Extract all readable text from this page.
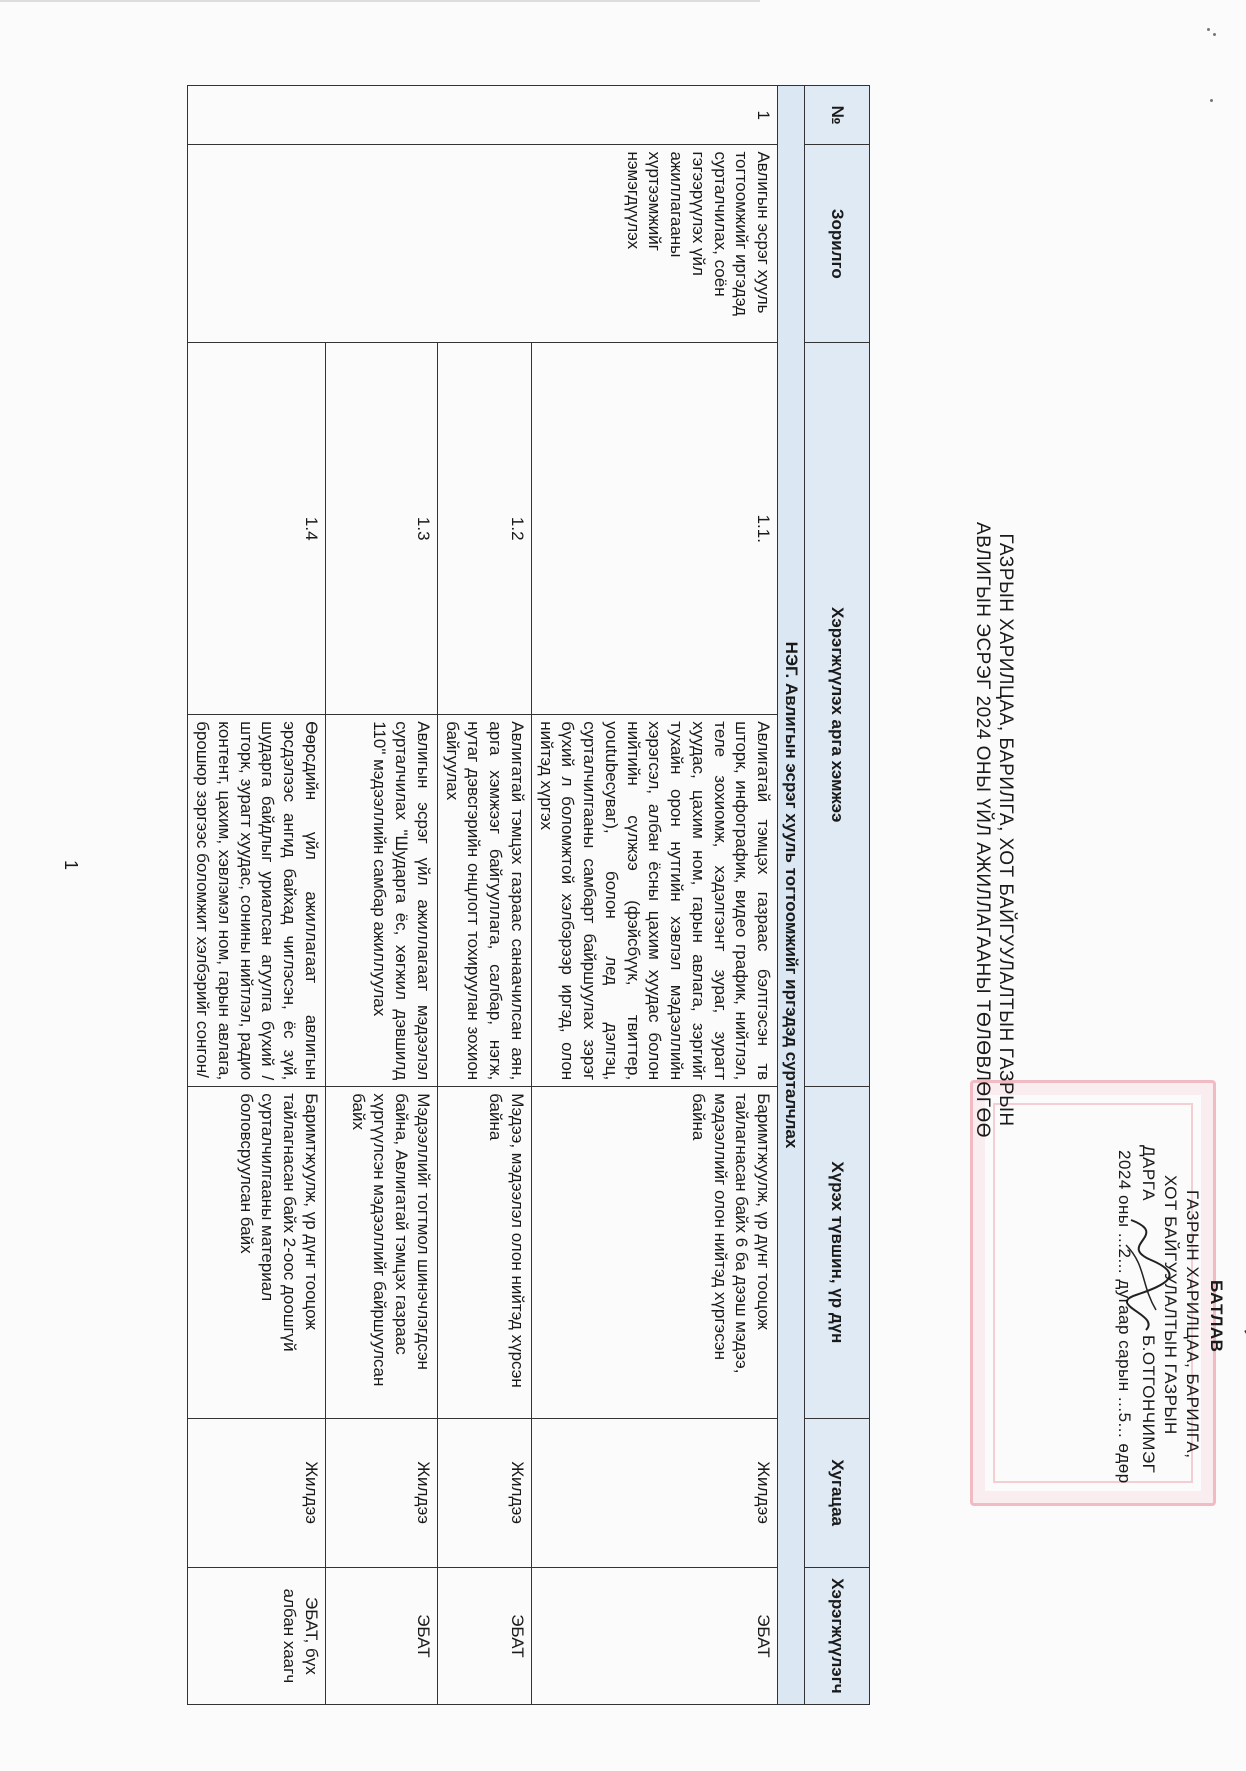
БАТЛАВ
ГАЗРЫН ХАРИЛЦАА, БАРИЛГА,
ХОТ БАЙГУУЛАЛТЫН ГАЗРЫН
ДАРГА
Б.ОТГОНЧИМЭГ
2024 оны ...2... дугаар сарын ...5... өдөр
ГАЗРЫН ХАРИЛЦАА, БАРИЛГА, ХОТ БАЙГУУЛАЛТЫН ГАЗРЫН
АВЛИГЫН ЭСРЭГ 2024 ОНЫ ҮЙЛ АЖИЛЛАГААНЫ ТӨЛӨВЛӨГӨӨ
№	Зорилго	Хэрэгжүүлэх арга хэмжээ		Хүрэх түвшин, үр дүн	Хугацаа	Хэрэгжүүлэгч
НЭГ. Авлигын эсрэг хууль тогтоомжийг иргэдэд сурталчлах						
1	Авлигын эсрэг хууль тогтоомжийг иргэдэд сурталчилах, соён гэгээрүүлэх үйл ажиллагааны хүртээмжийг нэмэгдүүлэх	1.1.	Авлигатай тэмцэх газраас бэлтгэсэн тв шторк, инфографик, видео график, нийтлэл, теле зохиомж, хэдэлгээнт зураг, зурагт хуудас, цахим ном, гарын авлага, зэргийг тухайн орон нутгийн хэвлэл мэдээллийн хэрэгсэл, албан ёсны цахим хуудас болон нийтийн сүлжээ (фэйсбүүк, твиттер, youtubeсуваг), болон лед дэлгэц, сурталчилгааны самбарт байршуулах зэрэг бүхий л боломжтой хэлбэрээр иргэд, олон нийтэд хүргэх	Баримтжуулж, үр дүнг тооцож тайлагнасан байх 6 ба дээш мэдээ, мэдээллийг олон нийтэд хүргэсэн байна	Жилдээ	ЭБАТ
		1.2	Авлигатай тэмцэх газраас санаачилсан аян, арга хэмжээг байгууллага, салбар, нэгж, нутаг дэвсгэрийн онцлогт тохируулан зохион байгуулах	Мэдээ, мэдээлэл олон нийтэд хүрсэн байна	Жилдээ	ЭБАТ
		1.3	Авлигын эсрэг үйл ажиллагаат мэдээлэл сурталчилах "Шударга ёс, хөгжил дэвшилд 110" мэдээллийн самбар ажиллуулах	Мэдээллийг тогтмол шинэчлэгдсэн байна, Авлигатай тэмцэх газраас хүргүүлсэн мэдээллийг байршуулсан байх	Жилдээ	ЭБАТ
		1.4	Өөрсдийн үйл ажиллагаат авлигын эрсдэлээс ангид байхад чиглэсэн, ёс зүй, шударга байдлыг уриалсан агуулга бүхий / шторк, зурагт хуудас, сонины нийтлэл, радио контент, цахим, хэвлэмэл ном, гарын авлага, брошюр зэргээс боломжит хэлбэрийг сонгон/	Баримтжуулж, үр дүнг тооцож тайлагнасан байх 2-оос доошгүй сурталчилгааны материал боловсруулсан байх	Жилдээ	ЭБАТ, бүх албан хаагч
1
